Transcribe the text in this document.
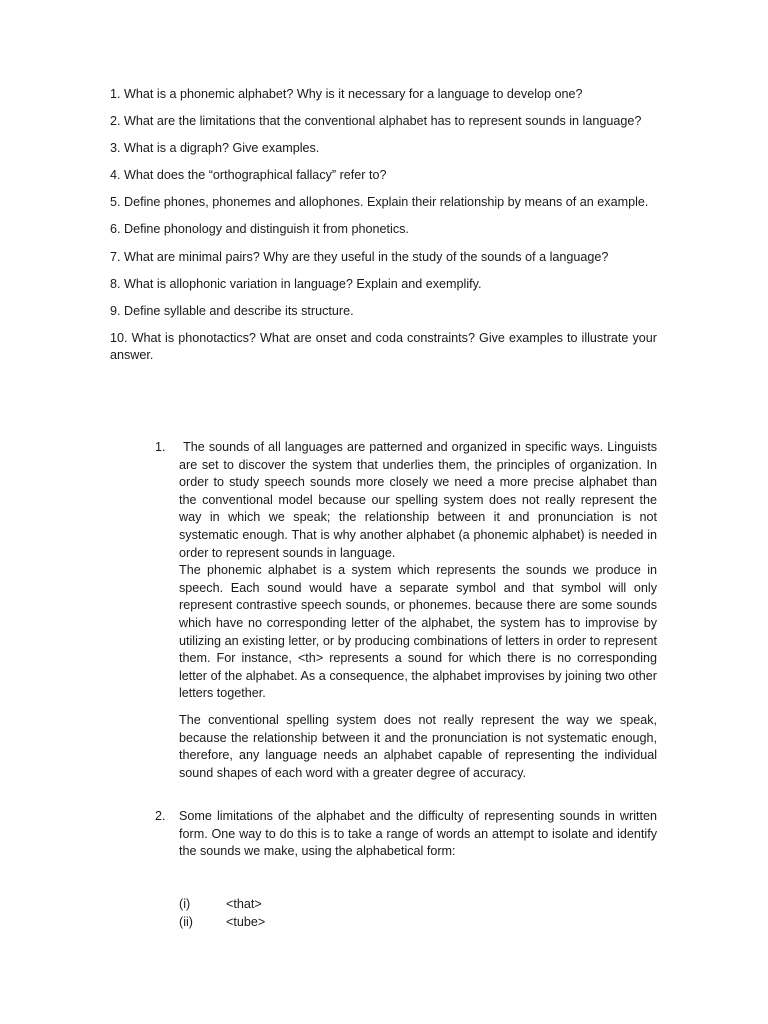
1. What is a phonemic alphabet? Why is it necessary for a language to develop one?
2. What are the limitations that the conventional alphabet has to represent sounds in language?
3. What is a digraph? Give examples.
4. What does the “orthographical fallacy” refer to?
5. Define phones, phonemes and allophones. Explain their relationship by means of an example.
6. Define phonology and distinguish it from phonetics.
7. What are minimal pairs? Why are they useful in the study of the sounds of a language?
8. What is allophonic variation in language? Explain and exemplify.
9. Define syllable and describe its structure.
10. What is phonotactics? What are onset and coda constraints? Give examples to illustrate your answer.
1. The sounds of all languages are patterned and organized in specific ways. Linguists are set to discover the system that underlies them, the principles of organization. In order to study speech sounds more closely we need a more precise alphabet than the conventional model because our spelling system does not really represent the way in which we speak; the relationship between it and pronunciation is not systematic enough. That is why another alphabet (a phonemic alphabet) is needed in order to represent sounds in language.

The phonemic alphabet is a system which represents the sounds we produce in speech. Each sound would have a separate symbol and that symbol will only represent contrastive speech sounds, or phonemes. because there are some sounds which have no corresponding letter of the alphabet, the system has to improvise by utilizing an existing letter, or by producing combinations of letters in order to represent them. For instance, <th> represents a sound for which there is no corresponding letter of the alphabet. As a consequence, the alphabet improvises by joining two other letters together.

The conventional spelling system does not really represent the way we speak, because the relationship between it and the pronunciation is not systematic enough, therefore, any language needs an alphabet capable of representing the individual sound shapes of each word with a greater degree of accuracy.

2. Some limitations of the alphabet and the difficulty of representing sounds in written form. One way to do this is to take a range of words an attempt to isolate and identify the sounds we make, using the alphabetical form:

(i)	<that>
(ii)	<tube>
